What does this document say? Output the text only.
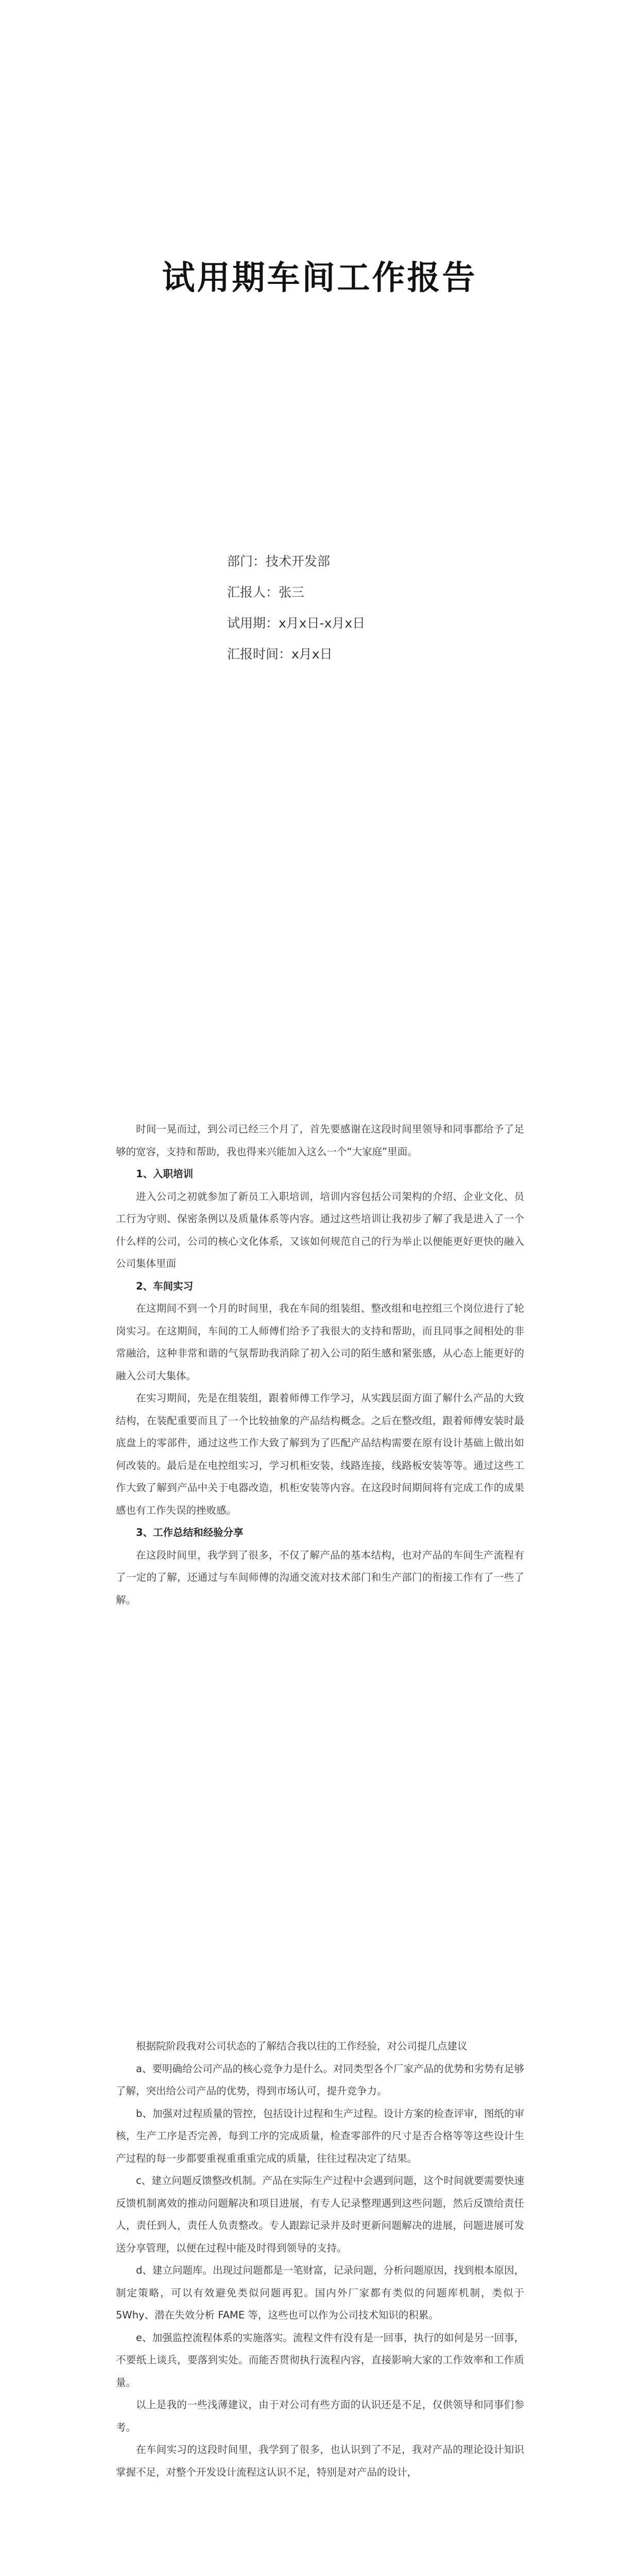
试用期车间工作报告
部门：技术开发部
汇报人：张三
试用期：x月x日-x月x日
汇报时间：x月x日

时间一晃而过，到公司已经三个月了，首先要感谢在这段时间里领导和同事都给予了足够的宽容，支持和帮助，我也得来兴能加入这么一个“大家庭”里面。

1、入职培训

进入公司之初就参加了新员工入职培训，培训内容包括公司架构的介绍、企业文化、员工行为守则、保密条例以及质量体系等内容。通过这些培训让我初步了解了我是进入了一个什么样的公司，公司的核心文化体系，又该如何规范自己的行为举止以便能更好更快的融入公司集体里面

2、车间实习

在这期间不到一个月的时间里，我在车间的组装组、整改组和电控组三个岗位进行了轮岗实习。在这期间，车间的工人师傅们给予了我很大的支持和帮助，而且同事之间相处的非常融洽，这种非常和谐的气氛帮助我消除了初入公司的陌生感和紧张感，从心态上能更好的融入公司大集体。

在实习期间，先是在组装组，跟着师傅工作学习，从实践层面方面了解什么产品的大致结构，在装配重要而且了一个比较抽象的产品结构概念。之后在整改组，跟着师傅安装时最底盘上的零部件，通过这些工作大致了解到为了匹配产品结构需要在原有设计基础上做出如何改装的。最后是在电控组实习，学习机柜安装，线路连接，线路板安装等等。通过这些工作大致了解到产品中关于电器改造，机柜安装等内容。在这段时间期间将有完成工作的成果感也有工作失误的挫败感。

3、工作总结和经验分享

在这段时间里，我学到了很多，不仅了解产品的基本结构，也对产品的车间生产流程有了一定的了解，还通过与车间师傅的沟通交流对技术部门和生产部门的衔接工作有了一些了解。

根据院阶段我对公司状态的了解结合我以往的工作经验，对公司提几点建议

a、要明确给公司产品的核心竞争力是什么。对同类型各个厂家产品的优势和劣势有足够了解，突出给公司产品的优势，得到市场认可，提升竞争力。

b、加强对过程质量的管控，包括设计过程和生产过程。设计方案的检查评审，图纸的审核，生产工序是否完善，每到工序的完成质量，检查零部件的尺寸是否合格等等这些设计生产过程的每一步都要重视重重重完成的质量，往往过程决定了结果。

c、建立问题反馈整改机制。产品在实际生产过程中会遇到问题，这个时间就要需要快速反馈机制离效的推动问题解决和项目进展，有专人记录整理遇到这些问题，然后反馈给责任人，责任到人，责任人负责整改。专人跟踪记录并及时更新问题解决的进展，问题进展可发送分享管理，以便在过程中能及时得到领导的支持。

d、建立问题库。出现过问题都是一笔财富，记录问题，分析问题原因，找到根本原因，制定策略，可以有效避免类似问题再犯。国内外厂家都有类似的问题库机制，类似于5Why、潜在失效分析 FAME 等，这些也可以作为公司技术知识的积累。

e、加强监控流程体系的实施落实。流程文件有没有是一回事，执行的如何是另一回事，不要纸上谈兵，要落到实处。而能否贯彻执行流程内容，直接影响大家的工作效率和工作质量。

以上是我的一些浅薄建议，由于对公司有些方面的认识还是不足，仅供领导和同事们参考。

在车间实习的这段时间里，我学到了很多，也认识到了不足，我对产品的理论设计知识掌握不足，对整个开发设计流程这认识不足，特别是对产品的设计，
